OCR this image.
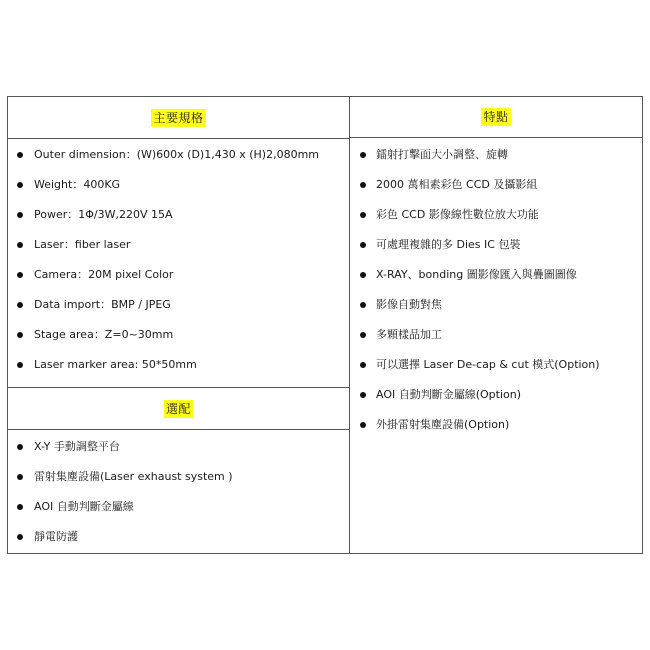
主要規格
Outer dimension：(W)600x (D)1,430 x (H)2,080mm
Weight：400KG
Power：1Φ/3W,220V 15A
Laser：fiber laser
Camera：20M pixel Color
Data import：BMP / JPEG
Stage area：Z=0~30mm
Laser marker area: 50*50mm
選配
X-Y 手動調整平台
雷射集塵設備(Laser exhaust system )
AOI 自動判斷金屬線
靜電防護
特點
鐳射打擊面大小調整、旋轉
2000 萬相素彩色 CCD 及攝影組
彩色 CCD 影像線性數位放大功能
可處理複雜的多 Dies IC 包裝
X-RAY、bonding 圖影像匯入與疊圖圖像
影像自動對焦
多顆樣品加工
可以選擇 Laser De-cap & cut 模式(Option)
AOI 自動判斷金屬線(Option)
外掛雷射集塵設備(Option)
